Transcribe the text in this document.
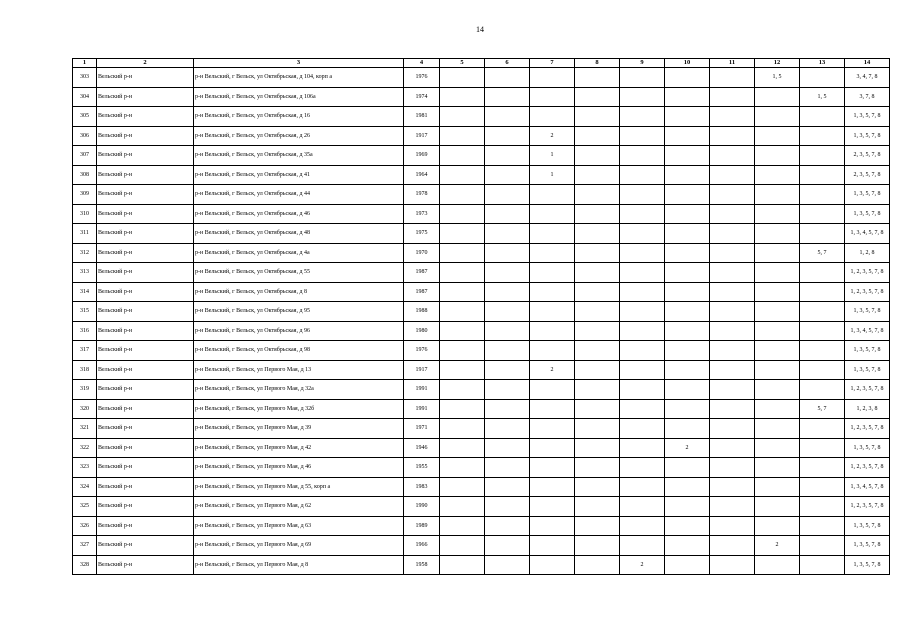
14
1	2	3	4	5	6	7	8	9	10	11	12	13	14
303	Вельский р-н	р-н Вельский, г Вельск, ул Октябрьская, д 104, корп а	1976								1, 5		3, 4, 7, 8
304	Вельский р-н	р-н Вельский, г Вельск, ул Октябрьская, д 106а	1974									1, 5	3, 7, 8
305	Вельский р-н	р-н Вельский, г Вельск, ул Октябрьская, д 16	1981										1, 3, 5, 7, 8
306	Вельский р-н	р-н Вельский, г Вельск, ул Октябрьская, д 26	1917			2							1, 3, 5, 7, 8
307	Вельский р-н	р-н Вельский, г Вельск, ул Октябрьская, д 35а	1969			1							2, 3, 5, 7, 8
308	Вельский р-н	р-н Вельский, г Вельск, ул Октябрьская, д 41	1964			1							2, 3, 5, 7, 8
309	Вельский р-н	р-н Вельский, г Вельск, ул Октябрьская, д 44	1978										1, 3, 5, 7, 8
310	Вельский р-н	р-н Вельский, г Вельск, ул Октябрьская, д 46	1973										1, 3, 5, 7, 8
311	Вельский р-н	р-н Вельский, г Вельск, ул Октябрьская, д 48	1975										1, 3, 4, 5, 7, 8
312	Вельский р-н	р-н Вельский, г Вельск, ул Октябрьская, д 4а	1970									5, 7	1, 2, 8
313	Вельский р-н	р-н Вельский, г Вельск, ул Октябрьская, д 55	1987										1, 2, 3, 5, 7, 8
314	Вельский р-н	р-н Вельский, г Вельск, ул Октябрьская, д 8	1987										1, 2, 3, 5, 7, 8
315	Вельский р-н	р-н Вельский, г Вельск, ул Октябрьская, д 95	1988										1, 3, 5, 7, 8
316	Вельский р-н	р-н Вельский, г Вельск, ул Октябрьская, д 96	1980										1, 3, 4, 5, 7, 8
317	Вельский р-н	р-н Вельский, г Вельск, ул Октябрьская, д 98	1976										1, 3, 5, 7, 8
318	Вельский р-н	р-н Вельский, г Вельск, ул Первого Мая, д 13	1917			2							1, 3, 5, 7, 8
319	Вельский р-н	р-н Вельский, г Вельск, ул Первого Мая, д 32а	1991										1, 2, 3, 5, 7, 8
320	Вельский р-н	р-н Вельский, г Вельск, ул Первого Мая, д 32б	1991									5, 7	1, 2, 3, 8
321	Вельский р-н	р-н Вельский, г Вельск, ул Первого Мая, д 39	1971										1, 2, 3, 5, 7, 8
322	Вельский р-н	р-н Вельский, г Вельск, ул Первого Мая, д 42	1946						2				1, 3, 5, 7, 8
323	Вельский р-н	р-н Вельский, г Вельск, ул Первого Мая, д 46	1955										1, 2, 3, 5, 7, 8
324	Вельский р-н	р-н Вельский, г Вельск, ул Первого Мая, д 55, корп а	1983										1, 3, 4, 5, 7, 8
325	Вельский р-н	р-н Вельский, г Вельск, ул Первого Мая, д 62	1990										1, 2, 3, 5, 7, 8
326	Вельский р-н	р-н Вельский, г Вельск, ул Первого Мая, д 63	1989										1, 3, 5, 7, 8
327	Вельский р-н	р-н Вельский, г Вельск, ул Первого Мая, д 69	1966								2		1, 3, 5, 7, 8
328	Вельский р-н	р-н Вельский, г Вельск, ул Первого Мая, д 8	1958					2					1, 3, 5, 7, 8
